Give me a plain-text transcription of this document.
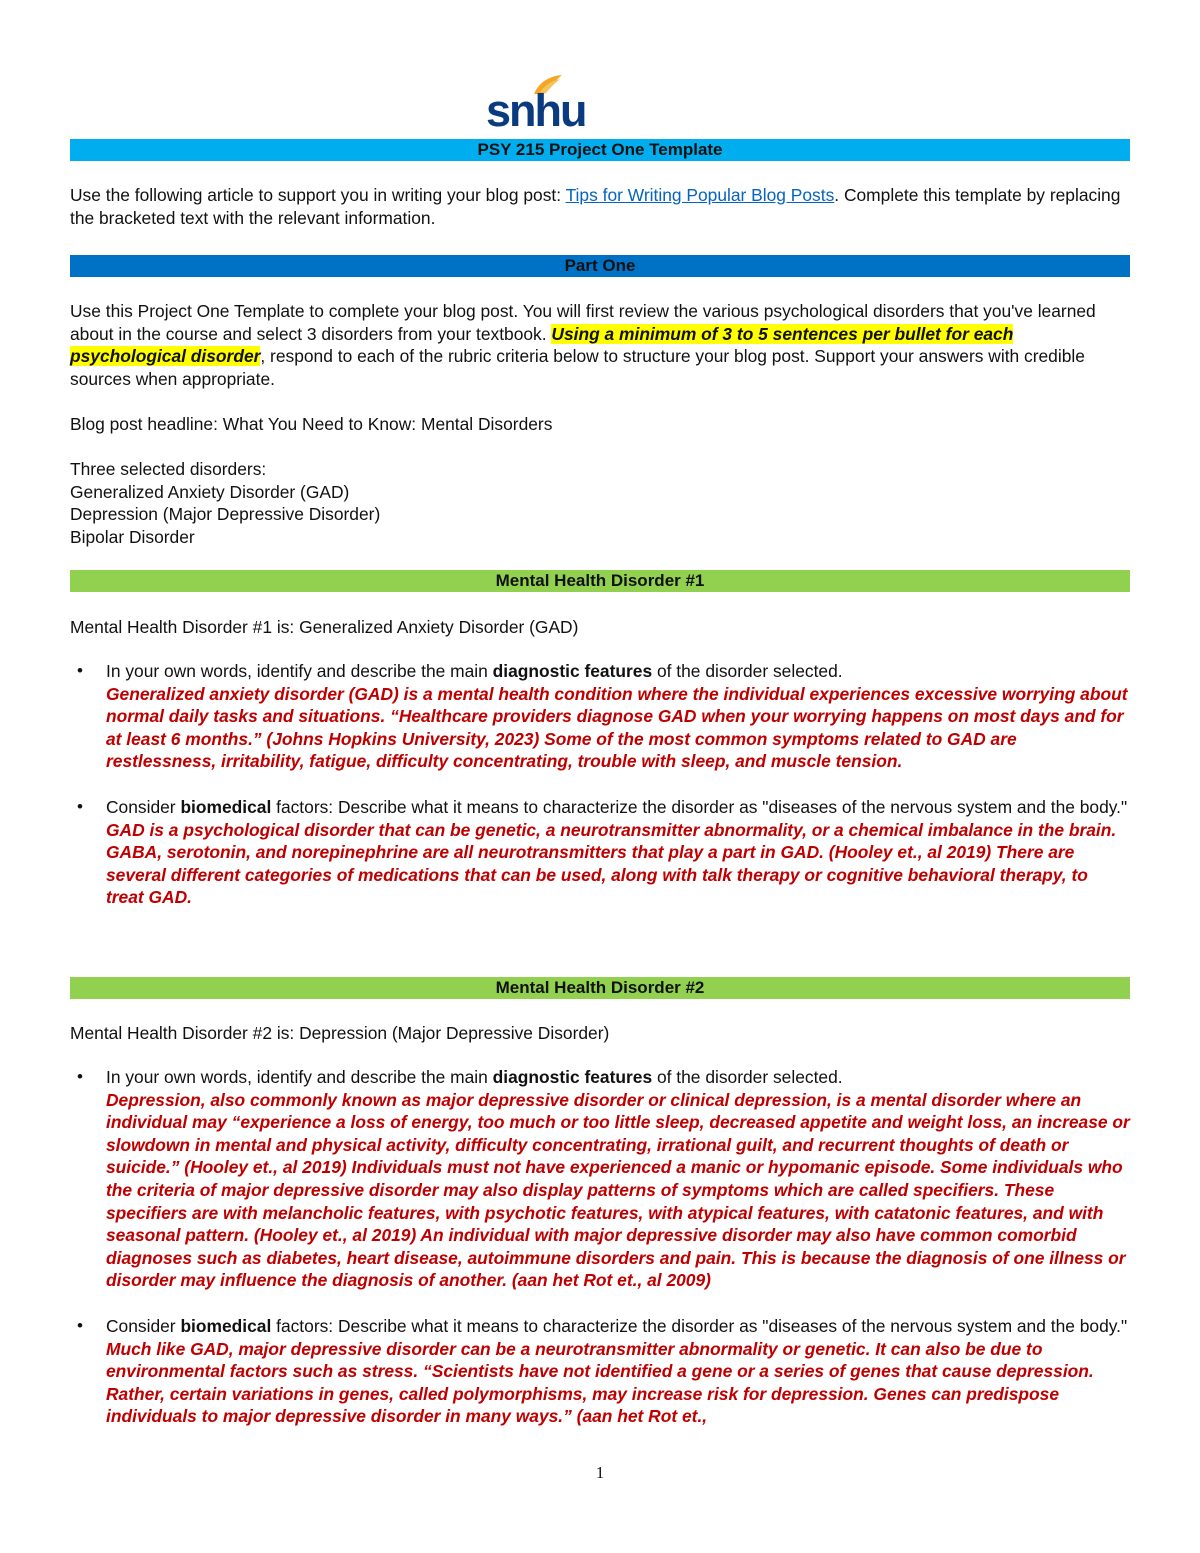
snhu
PSY 215 Project One Template

Use the following article to support you in writing your blog post: Tips for Writing Popular Blog Posts. Complete this template by replacing the bracketed text with the relevant information.

Part One

Use this Project One Template to complete your blog post. You will first review the various psychological disorders that you've learned about in the course and select 3 disorders from your textbook. Using a minimum of 3 to 5 sentences per bullet for each psychological disorder, respond to each of the rubric criteria below to structure your blog post. Support your answers with credible sources when appropriate.

Blog post headline: What You Need to Know: Mental Disorders

Three selected disorders:

Generalized Anxiety Disorder (GAD)

Depression (Major Depressive Disorder)

Bipolar Disorder

Mental Health Disorder #1

Mental Health Disorder #1 is: Generalized Anxiety Disorder (GAD)

•	In your own words, identify and describe the main diagnostic features of the disorder selected.

Generalized anxiety disorder (GAD) is a mental health condition where the individual experiences excessive worrying about normal daily tasks and situations. “Healthcare providers diagnose GAD when your worrying happens on most days and for at least 6 months.” (Johns Hopkins University, 2023) Some of the most common symptoms related to GAD are restlessness, irritability, fatigue, difficulty concentrating, trouble with sleep, and muscle tension.

•	Consider biomedical factors: Describe what it means to characterize the disorder as "diseases of the nervous system and the body."

GAD is a psychological disorder that can be genetic, a neurotransmitter abnormality, or a chemical imbalance in the brain. GABA, serotonin, and norepinephrine are all neurotransmitters that play a part in GAD. (Hooley et., al 2019) There are several different categories of medications that can be used, along with talk therapy or cognitive behavioral therapy, to treat GAD.

Mental Health Disorder #2

Mental Health Disorder #2 is: Depression (Major Depressive Disorder)

•	In your own words, identify and describe the main diagnostic features of the disorder selected.

Depression, also commonly known as major depressive disorder or clinical depression, is a mental disorder where an individual may “experience a loss of energy, too much or too little sleep, decreased appetite and weight loss, an increase or slowdown in mental and physical activity, difficulty concentrating, irrational guilt, and recurrent thoughts of death or suicide.” (Hooley et., al 2019) Individuals must not have experienced a manic or hypomanic episode. Some individuals who the criteria of major depressive disorder may also display patterns of symptoms which are called specifiers. These specifiers are with melancholic features, with psychotic features, with atypical features, with catatonic features, and with seasonal pattern. (Hooley et., al 2019) An individual with major depressive disorder may also have common comorbid diagnoses such as diabetes, heart disease, autoimmune disorders and pain. This is because the diagnosis of one illness or disorder may influence the diagnosis of another. (aan het Rot et., al 2009)

•	Consider biomedical factors: Describe what it means to characterize the disorder as "diseases of the nervous system and the body."

Much like GAD, major depressive disorder can be a neurotransmitter abnormality or genetic. It can also be due to environmental factors such as stress. “Scientists have not identified a gene or a series of genes that cause depression. Rather, certain variations in genes, called polymorphisms, may increase risk for depression. Genes can predispose individuals to major depressive disorder in many ways.” (aan het Rot et.,

1
